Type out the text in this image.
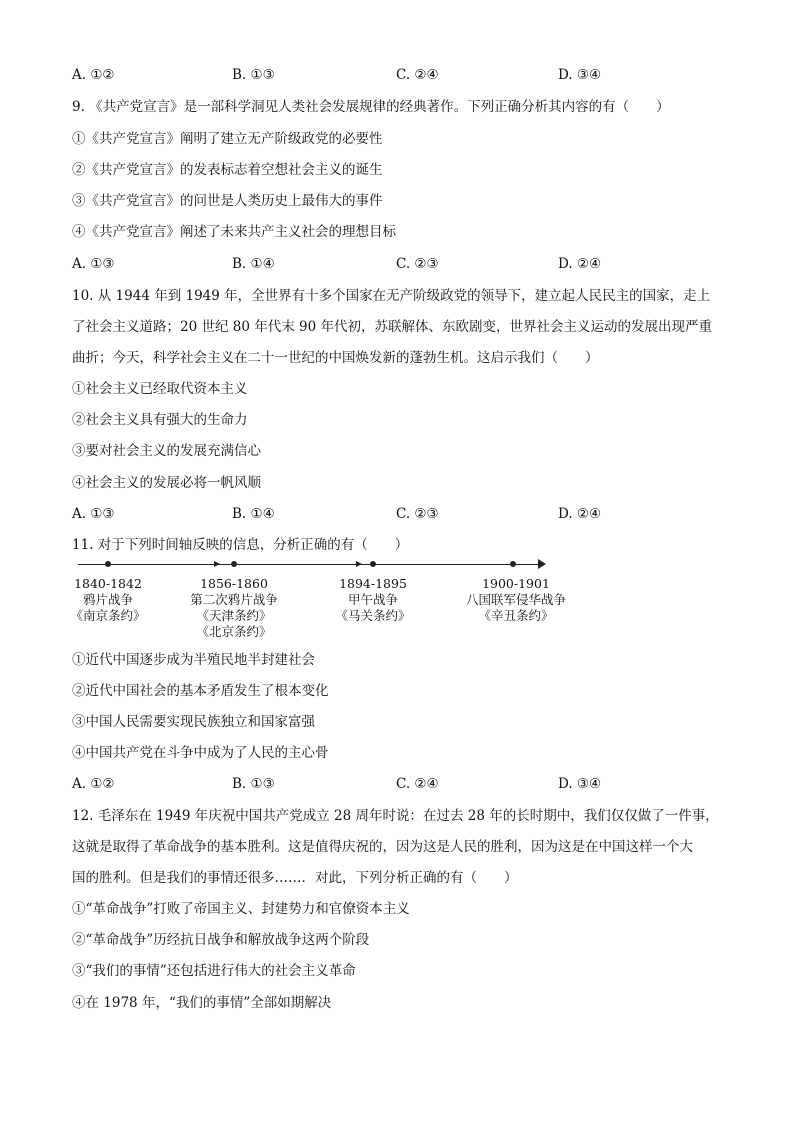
A. ①②	B. ①③	C. ②④	D. ③④
9. 《共产党宣言》是一部科学洞见人类社会发展规律的经典著作。下列正确分析其内容的有（　　）
①《共产党宣言》阐明了建立无产阶级政党的必要性
②《共产党宣言》的发表标志着空想社会主义的诞生
③《共产党宣言》的问世是人类历史上最伟大的事件
④《共产党宣言》阐述了未来共产主义社会的理想目标
A. ①③	B. ①④	C. ②③	D. ②④
10. 从 1944 年到 1949 年，全世界有十多个国家在无产阶级政党的领导下，建立起人民民主的国家，走上
了社会主义道路；20 世纪 80 年代末 90 年代初，苏联解体、东欧剧变，世界社会主义运动的发展出现严重
曲折；今天，科学社会主义在二十一世纪的中国焕发新的蓬勃生机。这启示我们（　　）
①社会主义已经取代资本主义
②社会主义具有强大的生命力
③要对社会主义的发展充满信心
④社会主义的发展必将一帆风顺
A. ①③	B. ①④	C. ②③	D. ②④
11. 对于下列时间轴反映的信息，分析正确的有（　　）
1840-1842
鸦片战争
《南京条约》
1856-1860
第二次鸦片战争
《天津条约》
《北京条约》
1894-1895
甲午战争
《马关条约》
1900-1901
八国联军侵华战争
《辛丑条约》
①近代中国逐步成为半殖民地半封建社会
②近代中国社会的基本矛盾发生了根本变化
③中国人民需要实现民族独立和国家富强
④中国共产党在斗争中成为了人民的主心骨
A. ①②	B. ①③	C. ②④	D. ③④
12. 毛泽东在 1949 年庆祝中国共产党成立 28 周年时说：在过去 28 年的长时期中，我们仅仅做了一件事，
这就是取得了革命战争的基本胜利。这是值得庆祝的，因为这是人民的胜利，因为这是在中国这样一个大
国的胜利。但是我们的事情还很多……．对此，下列分析正确的有（　　）
①“革命战争”打败了帝国主义、封建势力和官僚资本主义
②“革命战争”历经抗日战争和解放战争这两个阶段
③“我们的事情”还包括进行伟大的社会主义革命
④在 1978 年，“我们的事情”全部如期解决
